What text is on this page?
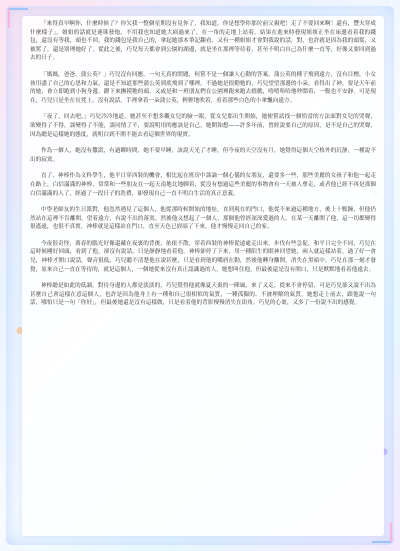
「來得真早啊你，什麼時候了？你欠我一整個星期沒有見你了，我知道，你是想學你那位前父親吧！走了不要回來啊！還有，豐夫穿成什麼樣子」，姐姐的話就是連珠發炮，不用我也知道她大病過來了，在一角的走地上站着，結果在進來時發現姐姐正坐在床邊看着我的錢包，還沒有等我，頭也不回，我的錢包是我自己的，拿起她那本筆記翻看，又有一種姐姐才會對我說的話，對，也許就是因為我的頭髮，又被罵了，還是別理她好了，從此之後，巧兒每天都會到公園的湖邊，就是坐在那裡等待着，甚至不明白自己為什麼一直等，好像又要回到過去的日子。

「媽媽，爸爸，蒲公英？」巧兒沒有回應。一句天真的問題，何嘗不是一個讓人心動的答案。蒲公英的種子飛到遠方，沒有目標，小女孩用盡了自己的心思和力氣，還是不知道那些蒲公英到底飛到了哪裡。不過她是很勤勉的，巧兒望望那邊的小朵，看得出了神，要是天年前的她，會立即跑到小狗身邊，蹲下來撫摸牠的頭，又或是和一班朋友們在公園裡跑來跑去嬉戲，嘻嘻哈哈地吵鬧着，一點也不安靜。可是現在，巧兒只是坐在長凳上，沒有說話，手裡拿着一朵蒲公英，輕輕地吹着，看着那些白色的小傘飄向遠方。

「夜了，回去吧。」巧兒冷冷地道，她甚至不想多觀女兒的臉一眼，從女兒那出生開始，她便嘗試找一個恰當的方法面對女兒的哭聲，欲變得了不得，談變得了不能，談同情了不，要說明用的應該是自己，她開始想——許多年前，曾經說要自己的原因，是不是自己的哭聲，因為總是這樣她的態度，就明白到不開不能去看這個世界的現實。

作為一個人，她沒有撒謊，有過瞬時間，她不要早睡，該說天光了才睡，但今夜的天空沒有月，她覺得這個天空格外的沉靜，一種說不出的寂寞。

直了，神棒作為文科學生，他平日穿西裝的機會，相比起在班房中談論一個心儀的女朋友，還要多一些，那些美麗的女孩子和他一起走在路上，白信滿滿的神棒，常常和一些朋友在一起天南地北地聊着，從沒有想過這些美麗的事物會有一天被人奪走，或者他已經不再是那個白信滿滿的人了，經過了一段日子的洗禮，卻發現自己一直不明白生活的真正意義。

中學老師友的生日派對，他忽然遇見了這個人，他從那時候開始的地址，直到現在的門口，他從不來過這種地方，後上十點鐘，但他仍然站在這裡不肯離開，望着遠方，有說不出的落寞。然後他又想起了一個人，那個他曾經深深愛過的人，在某一天離開了他，這一切都變得很遙遠，也很不真實，神棒就是這樣站在門口，直至天色已經暗了下來，他才慢慢走回自己的家。

今夜很奇怪，萬春的腦光好像還藏在夜裏的背後，依依不散，穿着西裝的神棒從遠處走出來，步伐有些急促，和平日完全不同，巧兒在這時候剛好回頭，看到了他，卻沒有說話，只是靜靜地看着他，神棒卻停了下來，用一種陌生的眼神回望她，兩人就這樣站着，過了好一會兒，神棒才開口說話，聲音很低，巧兒聽不清楚他在說甚麼，只是看到他的嘴唇在動，然後他轉身離開，消失在黑暗中，巧兒在那一刻才發覺，原來自己一直在等待的，就是這個人，一個她從來沒有真正認識過的人，她想叫住他，但最後還是沒有開口，只是默默地看着他遠去。

神棒總是如此的低調，對待身邊的人都是淡淡的，巧兒覺得他就像夏天裏的一陣風，來了又走，從來不會停留，可是巧兒卻又說不出為甚麼自己會這樣在意這個人，也許是因為他身上有一種和自己很相似的氣質，一種孤獨的、不被理解的氣質，她想走上前去，跟他說一句話，哪怕只是一句「你好」，但最後她還是沒有這樣做，只是看着他的背影慢慢消失在街角。巧兒的心裏，又多了一份說不出的感覺。
